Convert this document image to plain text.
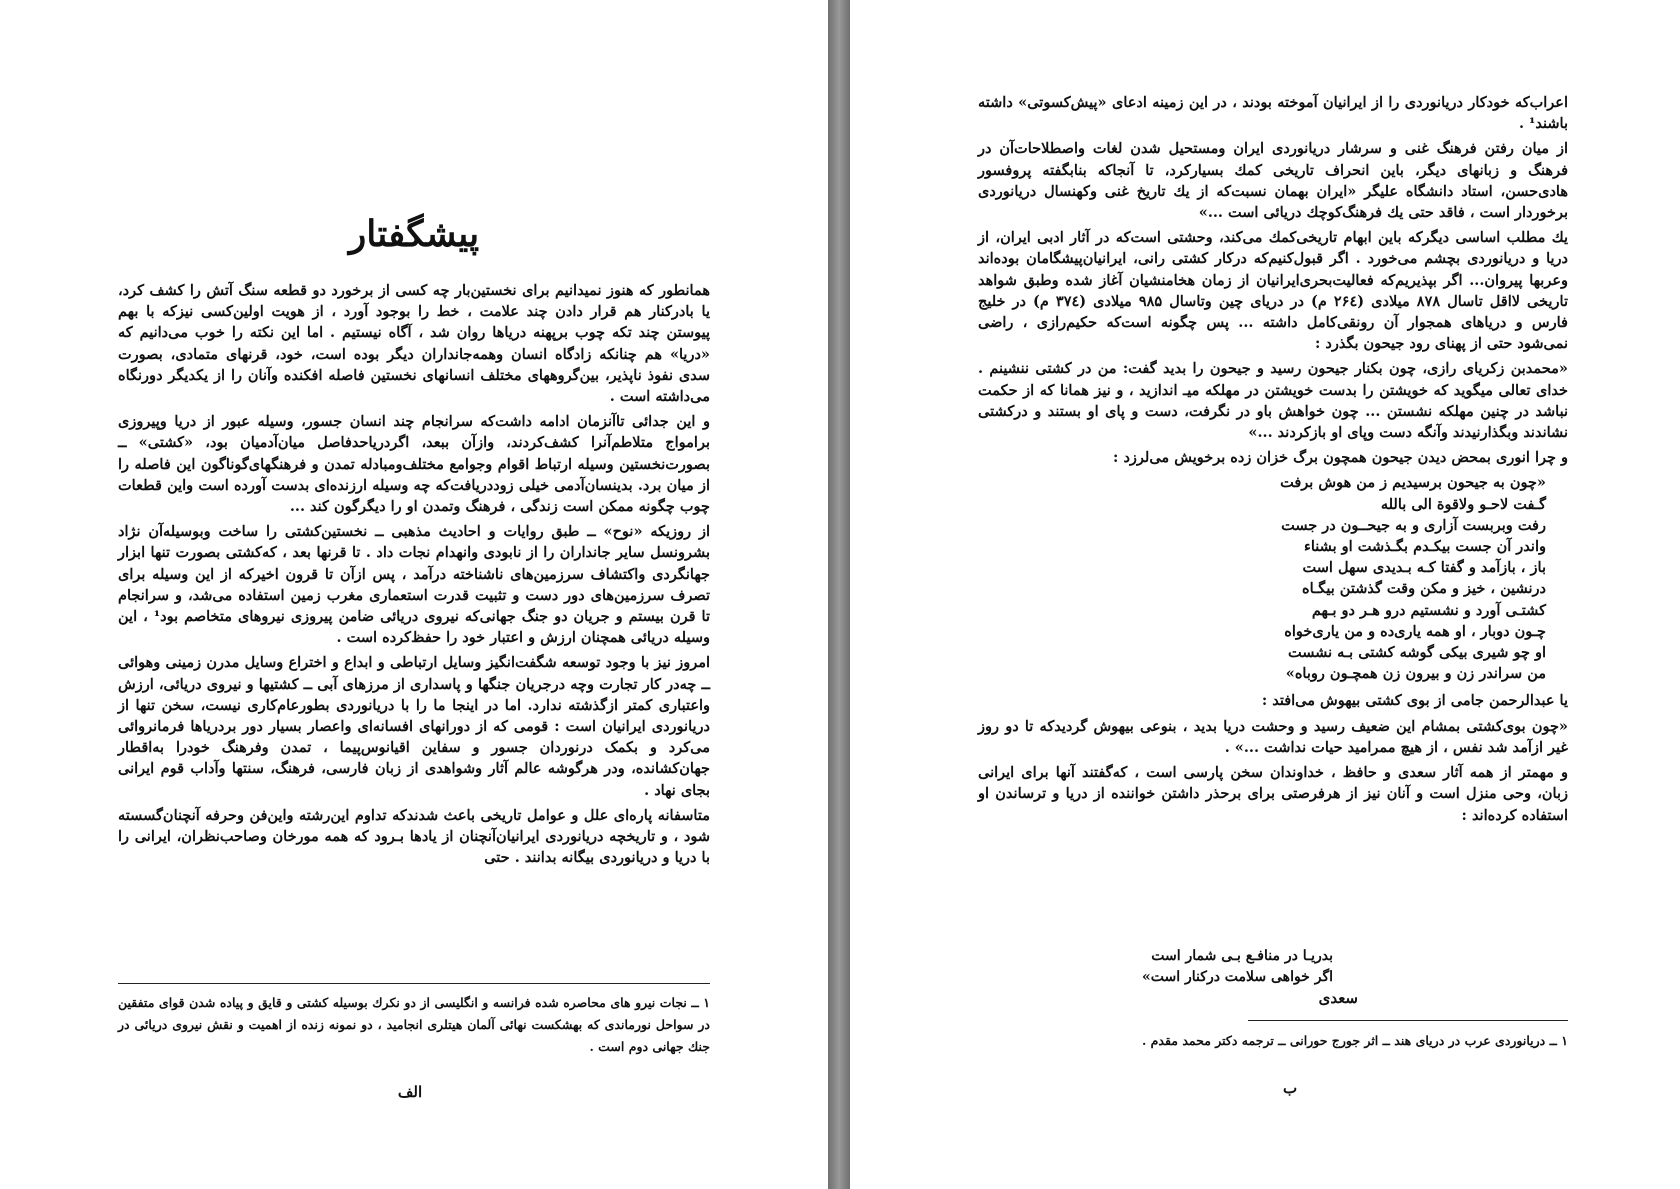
پیشگفتار

همانطور که هنوز نمیدانیم برای نخستین‌بار چه کسی از برخورد دو قطعه سنگ آتش را کشف کرد، یا بادرکنار هم قرار دادن چند علامت ، خط را بوجود آورد ، از هویت اولین‌کسی نیزکه با بهم پیوستن چند تکه چوب برپهنه دریاها روان شد ، آگاه نیستیم . اما این نکته را خوب می‌دانیم که «دریا» هم چنانکه زادگاه انسان وهمه‌جانداران دیگر بوده است، خود، قرنهای متمادی، بصورت سدی نفوذ ناپذیر، بین‌گروههای مختلف انسانهای نخستین فاصله افکنده وآنان را از یکدیگر دورنگاه می‌داشته است .

و این جدائی تاآنزمان ادامه داشت‌که سرانجام چند انسان جسور، وسیله عبور از دریا وپیروزی برامواج متلاطم‌آنرا کشف‌کردند، وازآن ببعد، اگردریاحدفاصل میان‌آدمیان بود، «کشتی» ــ بصورت‌نخستین وسیله ارتباط اقوام وجوامع مختلف‌ومبادله تمدن و فرهنگهای‌گوناگون این فاصله را از میان برد. بدینسان‌آدمی خیلی زوددریافت‌که چه وسیله ارزنده‌ای بدست آورده است واین قطعات چوب چگونه ممکن است زندگی ، فرهنگ وتمدن او را دیگرگون کند ...

از روزیکه «نوح» ــ طبق روایات و احادیث مذهبی ــ نخستین‌کشتی را ساخت وبوسیله‌آن نژاد بشرونسل سایر جانداران را از نابودی وانهدام نجات داد . تا قرنها بعد ، که‌کشتی بصورت تنها ابزار جهانگردی واکتشاف سرزمین‌های ناشناخته درآمد ، پس ازآن تا قرون اخیرکه از این وسیله برای تصرف سرزمین‌های دور دست و تثبیت قدرت استعماری مغرب زمین استفاده می‌شد، و سرانجام تا قرن بیستم و جریان دو جنگ جهانی‌که نیروی دریائی ضامن پیروزی نیروهای متخاصم بود¹ ، این وسیله دریائی همچنان ارزش و اعتبار خود را حفظ‌کرده است .

امروز نیز با وجود توسعه شگفت‌انگیز وسایل ارتباطی و ابداع و اختراع وسایل مدرن زمینی وهوائی ــ چه‌در کار تجارت وچه درجریان جنگها و پاسداری از مرزهای آبی ــ کشتیها و نیروی دریائی، ارزش واعتباری کمتر ازگذشته ندارد. اما در اینجا ما را با دریانوردی بطورعام‌کاری نیست، سخن تنها از دریانوردی ایرانیان است : قومی که از دورانهای افسانه‌ای واعصار بسیار دور بردریاها فرمانروائی می‌کرد و بکمک درنوردان جسور و سفاین اقیانوس‌پیما ، تمدن وفرهنگ خودرا به‌اقطار جهان‌کشانده، ودر هرگوشه عالم آثار وشواهدی از زبان فارسی، فرهنگ، سنتها وآداب قوم ایرانی بجای نهاد .

متاسفانه پاره‌ای علل و عوامل تاریخی باعث شدندکه تداوم این‌رشته واین‌فن وحرفه آنچنان‌گسسته شود ، و تاریخچه دریانوردی ایرانیان‌آنچنان از یادها بـرود که همه مورخان وصاحب‌نظران، ایرانی را با دریا و دریانوردی بیگانه بدانند . حتی

۱ ــ نجات نیرو های محاصره شده فرانسه و انگلیسی از دو نکرك بوسیله کشتی و قایق و پیاده شدن قوای متفقین در سواحل نورماندی که بهشکست نهائی آلمان هیتلری انجامید ، دو نمونه زنده از اهمیت و نقش نیروی دریائی در جنك جهانی دوم است .
الف

اعراب‌که خودکار دریانوردی را از ایرانیان آموخته بودند ، در این زمینه ادعای «پیش‌کسوتی» داشته باشند¹ .

از میان رفتن فرهنگ غنی و سرشار دریانوردی ایران ومستحیل شدن لغات واصطلاحات‌آن در فرهنگ و زبانهای دیگر، باین انحراف تاریخی کمك بسیارکرد، تا آنجاکه بنابگفته پروفسور هادی‌حسن، استاد دانشگاه علیگر «ایران بهمان نسبت‌که از یك تاریخ غنی وکهنسال دریانوردی برخوردار است ، فاقد حتی یك فرهنگ‌کوچك دریائی است ...»

یك مطلب اساسی دیگرکه باین ابهام تاریخی‌کمك می‌کند، وحشتی است‌که در آثار ادبی ایران، از دریا و دریانوردی بچشم می‌خورد . اگر قبول‌کنیم‌که درکار کشتی رانی، ایرانیان‌پیشگامان بوده‌اند وعربها پیروان... اگر بپذیریم‌که فعالیت‌بحری‌ایرانیان از زمان هخامنشیان آغاز شده وطبق شواهد تاریخی لااقل تاسال ۸۷۸ میلادی (۲۶٤ م) در دریای چین وتاسال ۹۸۵ میلادی (۳۷٤ م) در خلیج فارس و دریاهای همجوار آن رونقی‌کامل داشته ... پس چگونه است‌که حکیم‌رازی ، راضی نمی‌شود حتی از پهنای رود جیحون بگذرد :

«محمدبن زکریای رازی، چون بکنار جیحون رسید و جیحون را بدید گفت: من در کشتی ننشینم . خدای تعالی میگوید که خویشتن را بدست خویشتن در مهلکه میـ اندازید ، و نیز همانا که از حکمت نباشد در چنین مهلکه نشستن ... چون خواهش باو در نگرفت، دست و پای او بستند و درکشتی نشاندند وبگذارنیدند وآنگه دست وپای او بازکردند ...»

و چرا انوری بمحض دیدن جیحون همچون برگ خزان زده برخویش می‌لرزد :

«چون به جیحون برسیدیم ز من هوش برفت
گـفت لاحـو ولاقوة الی بالله
رفت وبربست آزاری و به جیحــون در جست
واندر آن جست بیکـدم بگـذشت او بشناء
باز ، بازآمد و گفتا کـه بـدیدی سهل است
درنشین ، خیز و مکن وقت گذشتن بیگـاه
کشتـی آورد و نشستیم درو هـر دو بـهم
چـون دوبار ، او همه یاری‌ده و من یاری‌خواه
او چو شیری بیکی گوشه کشتی بـه نشست
من سراندر زن و بیرون زن همچـون روباه»

یا عبدالرحمن جامی از بوی کشتی بیهوش می‌افتد :

«چون بوی‌کشتی بمشام این ضعیف رسید و وحشت دریا بدید ، بنوعی بیهوش گردیدکه تا دو روز غیر ازآمد شد نفس ، از هیچ ممرامید حیات نداشت ...» .

و مهمتر از همه آثار سعدی و حافظ ، خداوندان سخن پارسی است ، که‌گفتند آنها برای ایرانی زبان، وحی منزل است و آنان نیز از هرفرصتی برای برحذر داشتن خواننده از دریا و ترساندن او استفاده کرده‌اند :

بدریـا در منافـع بـی شمار است
اگر خواهی سلامت درکنار است»
سعدی
۱ ــ دریانوردی عرب در دریای هند ــ اثر جورج حورانی ــ ترجمه دکتر محمد مقدم .
ب
